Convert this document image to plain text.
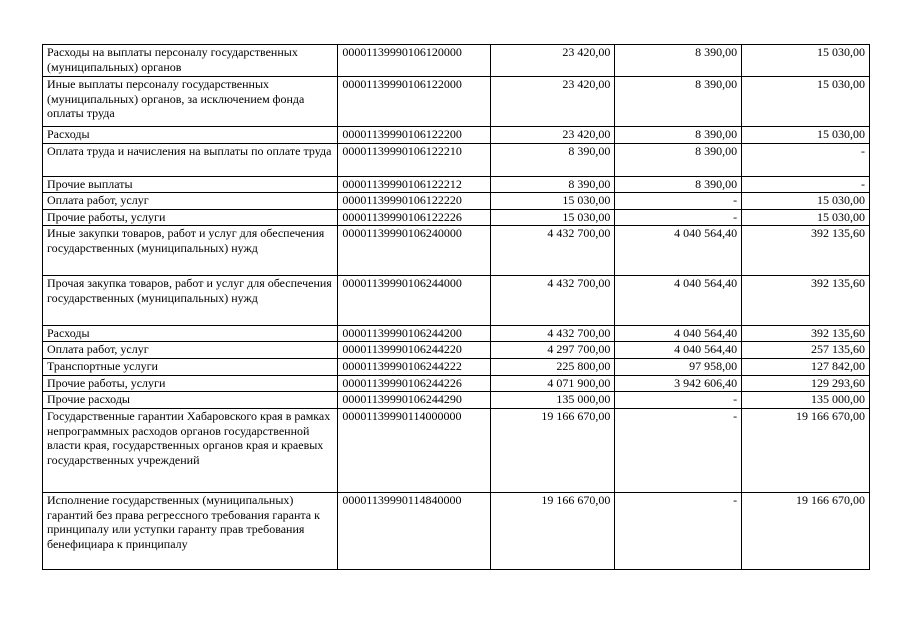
Расходы на выплаты персоналу государственных (муниципальных) органов	00001139990106120000	23 420,00	8 390,00	15 030,00
Иные выплаты персоналу государственных (муниципальных) органов, за исключением фонда оплаты труда	00001139990106122000	23 420,00	8 390,00	15 030,00
Расходы	00001139990106122200	23 420,00	8 390,00	15 030,00
Оплата труда и начисления на выплаты по оплате труда	00001139990106122210	8 390,00	8 390,00	-
Прочие выплаты	00001139990106122212	8 390,00	8 390,00	-
Оплата работ, услуг	00001139990106122220	15 030,00	-	15 030,00
Прочие работы, услуги	00001139990106122226	15 030,00	-	15 030,00
Иные закупки товаров, работ и услуг для обеспечения государственных (муниципальных) нужд	00001139990106240000	4 432 700,00	4 040 564,40	392 135,60
Прочая закупка товаров, работ и услуг для обеспечения государственных (муниципальных) нужд	00001139990106244000	4 432 700,00	4 040 564,40	392 135,60
Расходы	00001139990106244200	4 432 700,00	4 040 564,40	392 135,60
Оплата работ, услуг	00001139990106244220	4 297 700,00	4 040 564,40	257 135,60
Транспортные услуги	00001139990106244222	225 800,00	97 958,00	127 842,00
Прочие работы, услуги	00001139990106244226	4 071 900,00	3 942 606,40	129 293,60
Прочие расходы	00001139990106244290	135 000,00	-	135 000,00
Государственные гарантии Хабаровского края в рамках непрограммных расходов органов государственной власти края, государственных органов края и краевых государственных учреждений	00001139990114000000	19 166 670,00	-	19 166 670,00
Исполнение государственных (муниципальных) гарантий без права регрессного требования гаранта к принципалу или уступки гаранту прав требования бенефициара к принципалу	00001139990114840000	19 166 670,00	-	19 166 670,00
